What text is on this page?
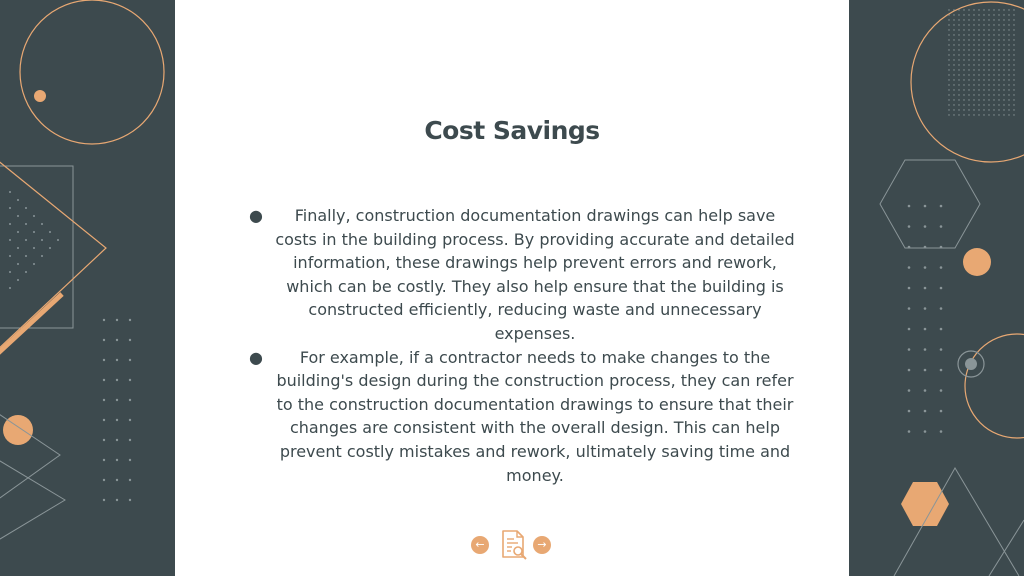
Cost Savings
● Finally, construction documentation drawings can help save costs in the building process. By providing accurate and detailed information, these drawings help prevent errors and rework, which can be costly. They also help ensure that the building is constructed efficiently, reducing waste and unnecessary expenses.
● For example, if a contractor needs to make changes to the building's design during the construction process, they can refer to the construction documentation drawings to ensure that their changes are consistent with the overall design. This can help prevent costly mistakes and rework, ultimately saving time and money.
←	→
